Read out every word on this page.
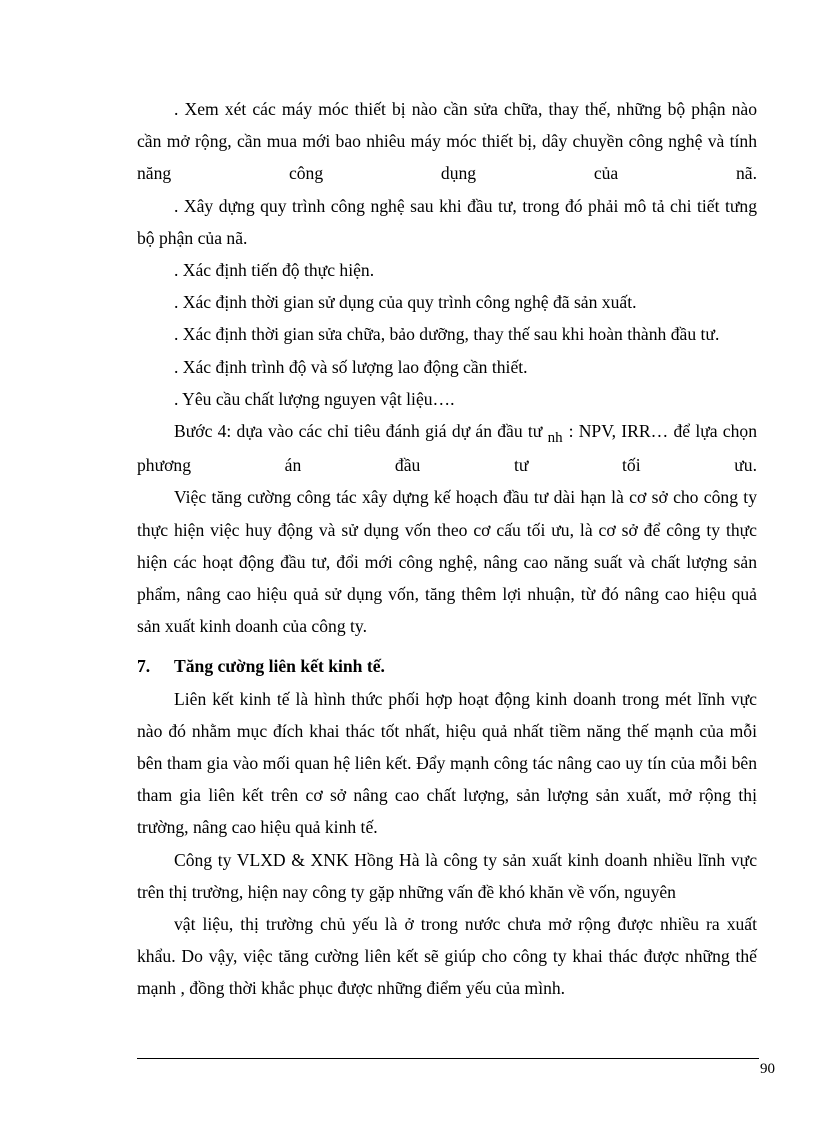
. Xem xét các máy móc thiết bị nào cần sửa chữa, thay thế, những bộ phận nào cần mở rộng, cần mua mới bao nhiêu máy móc thiết bị, dây chuyền công nghệ và tính năng công dụng của nã.

. Xây dựng quy trình công nghệ sau khi đầu tư, trong đó phải mô tả chi tiết tưng bộ phận của nã.

. Xác định tiến độ thực hiện.

. Xác định thời gian sử dụng của quy trình công nghệ đã sản xuất.

. Xác định thời gian sửa chữa, bảo dưỡng, thay thế sau khi hoàn thành đầu tư.

. Xác định trình độ và số lượng lao động cần thiết.

. Yêu cầu chất lượng nguyen vật liệu….

Bước 4: dựa vào các chỉ tiêu đánh giá dự án đầu tư nh : NPV, IRR… để lựa chọn phương án đầu tư tối ưu.

Việc tăng cường công tác xây dựng kế hoạch đầu tư dài hạn là cơ sở cho công ty thực hiện việc huy động và sử dụng vốn theo cơ cấu tối ưu, là cơ sở để công ty thực hiện các hoạt động đầu tư, đổi mới công nghệ, nâng cao năng suất và chất lượng sản phẩm, nâng cao hiệu quả sử dụng vốn, tăng thêm lợi nhuận, từ đó nâng cao hiệu quả sản xuất kinh doanh của công ty.

7.	Tăng cường liên kết kinh tế.

Liên kết kinh tế là hình thức phối hợp hoạt động kinh doanh trong mét lĩnh vực nào đó nhằm mục đích khai thác tốt nhất, hiệu quả nhất tiềm năng thế mạnh của mỗi bên tham gia vào mối quan hệ liên kết. Đẩy mạnh công tác nâng cao uy tín của mỗi bên tham gia liên kết trên cơ sở nâng cao chất lượng, sản lượng sản xuất, mở rộng thị trường, nâng cao hiệu quả kinh tế.

Công ty VLXD & XNK Hồng Hà là công ty sản xuất kinh doanh nhiều lĩnh vực trên thị trường, hiện nay công ty gặp những vấn đề khó khăn về vốn, nguyên

vật liệu, thị trường chủ yếu là ở trong nước chưa mở rộng được nhiều ra xuất khẩu. Do vậy, việc tăng cường liên kết sẽ giúp cho công ty khai thác được những thế mạnh , đồng thời khắc phục được những điểm yếu của mình.

90
